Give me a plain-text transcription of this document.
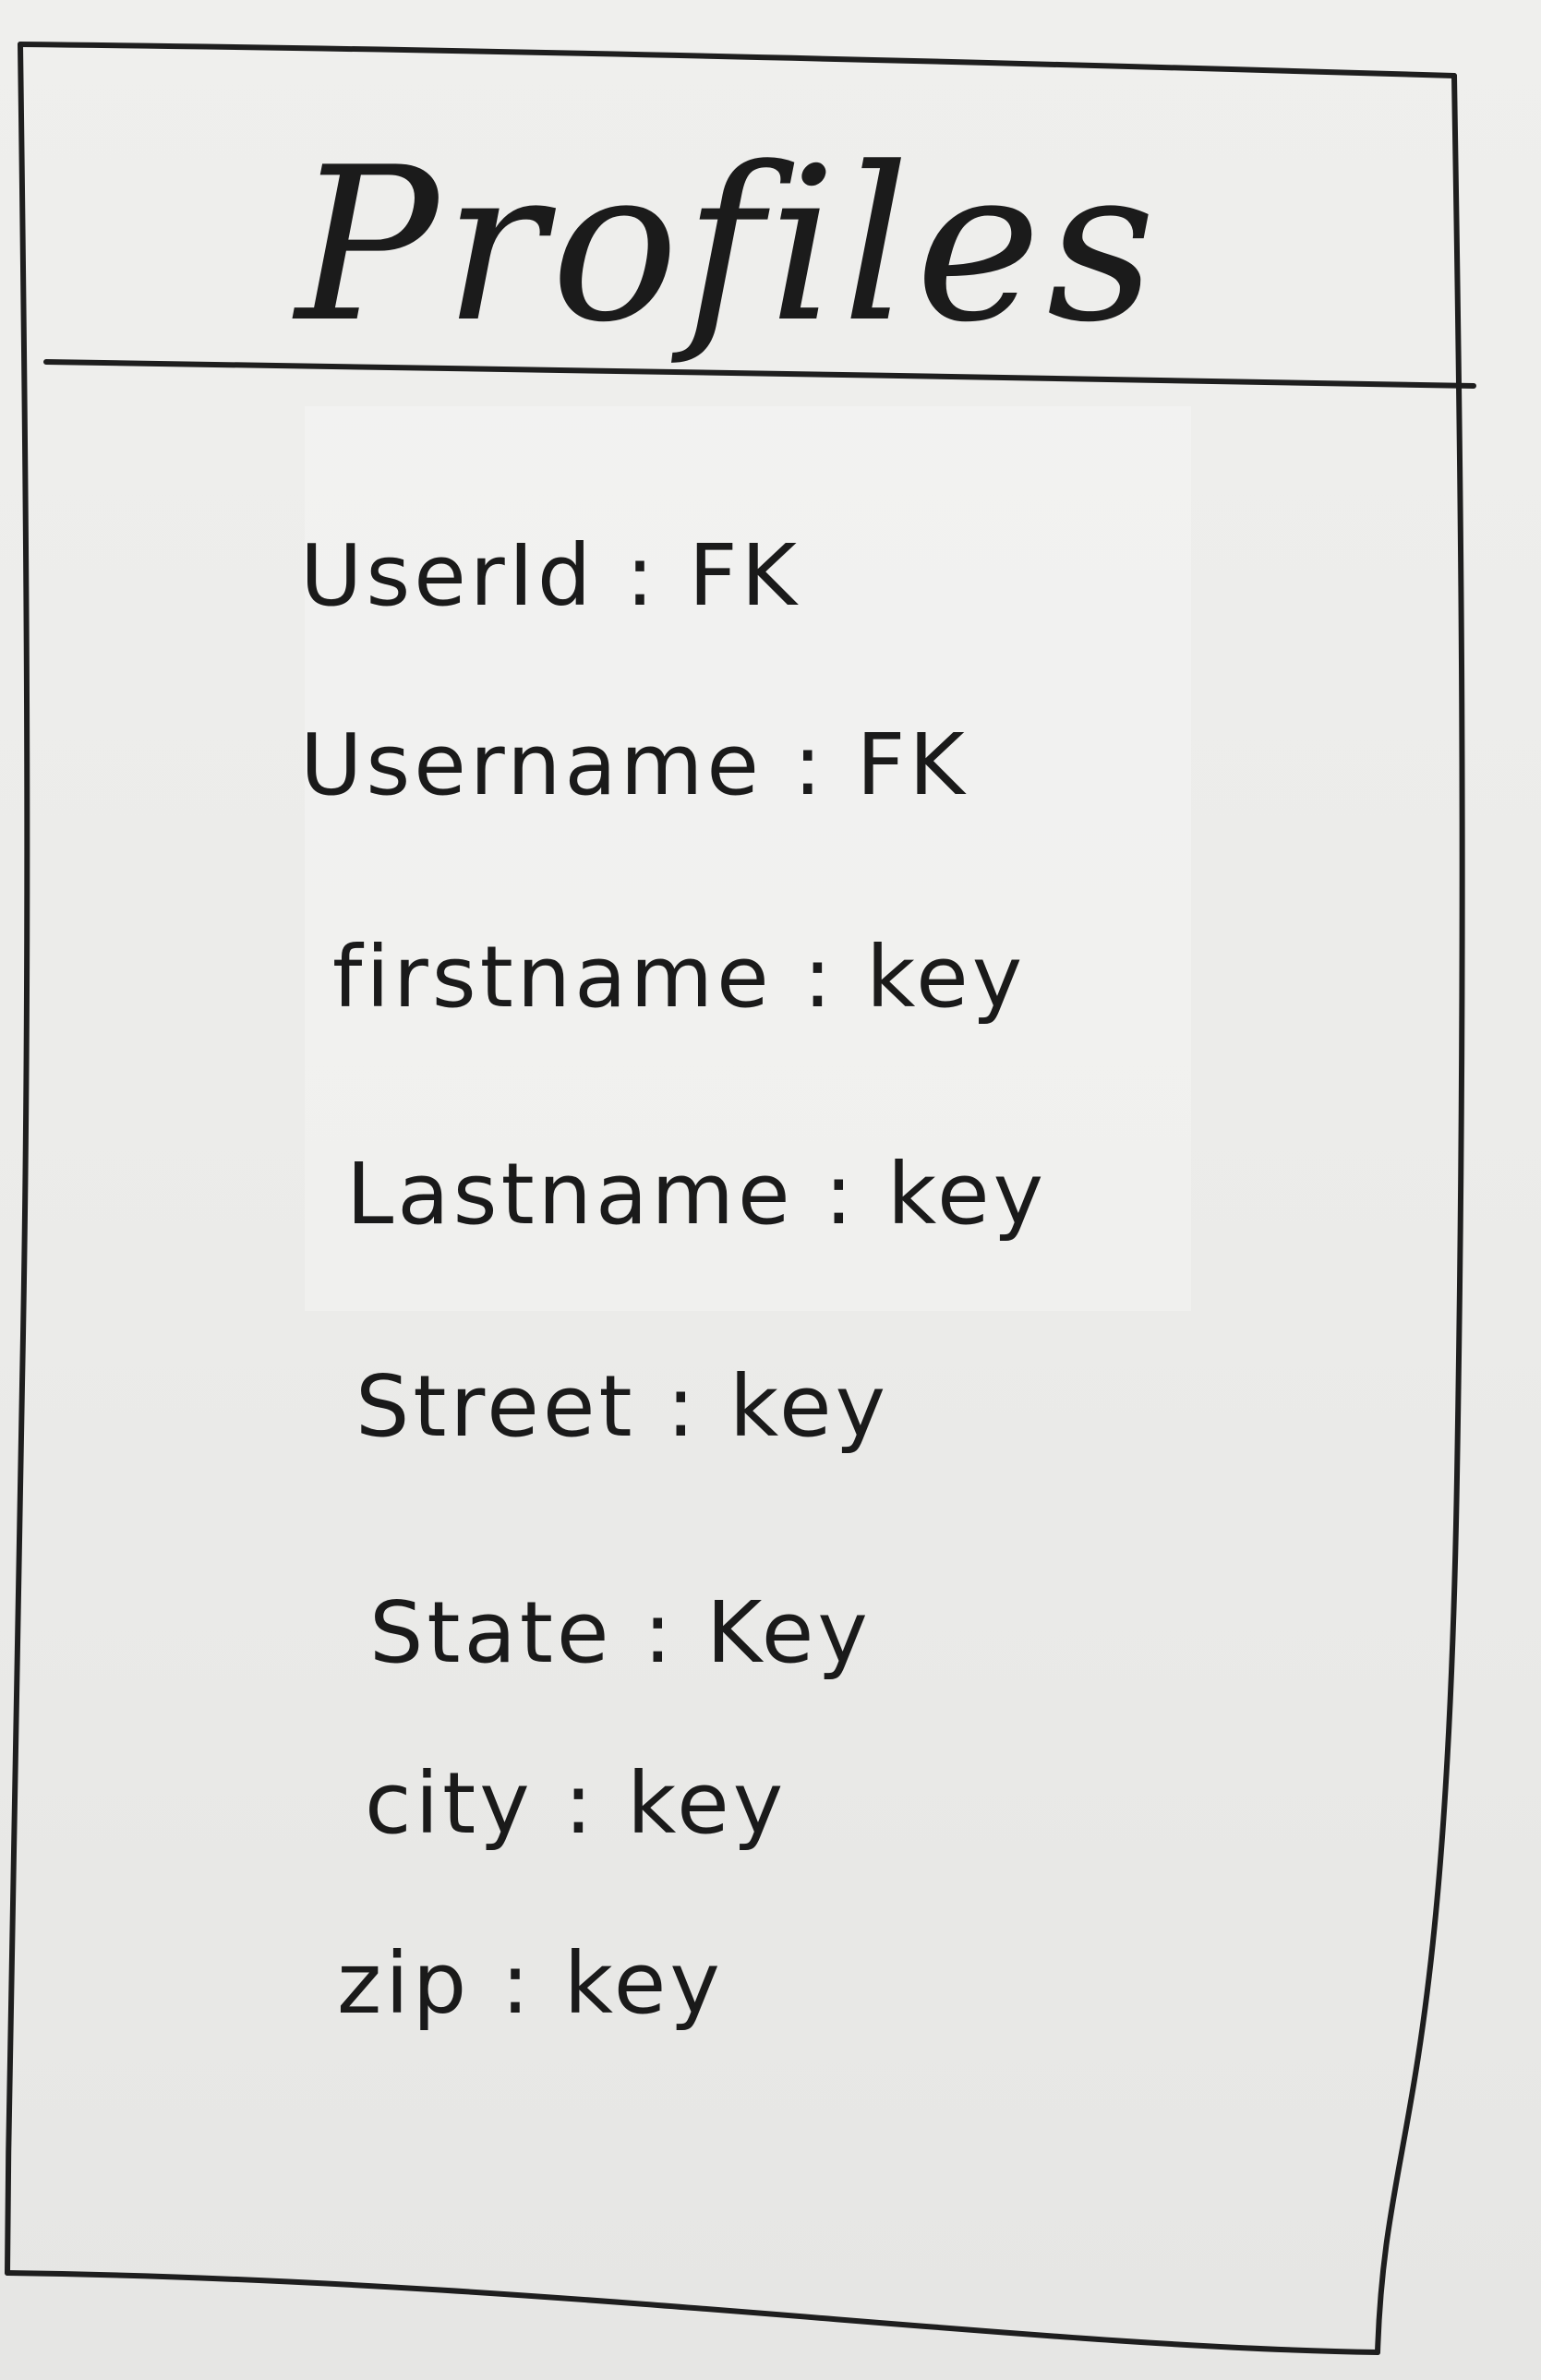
Profiles
UserId : FK
Username : FK
firstname : key
Lastname : key
Street : key
State : Key
city : key
zip : key
